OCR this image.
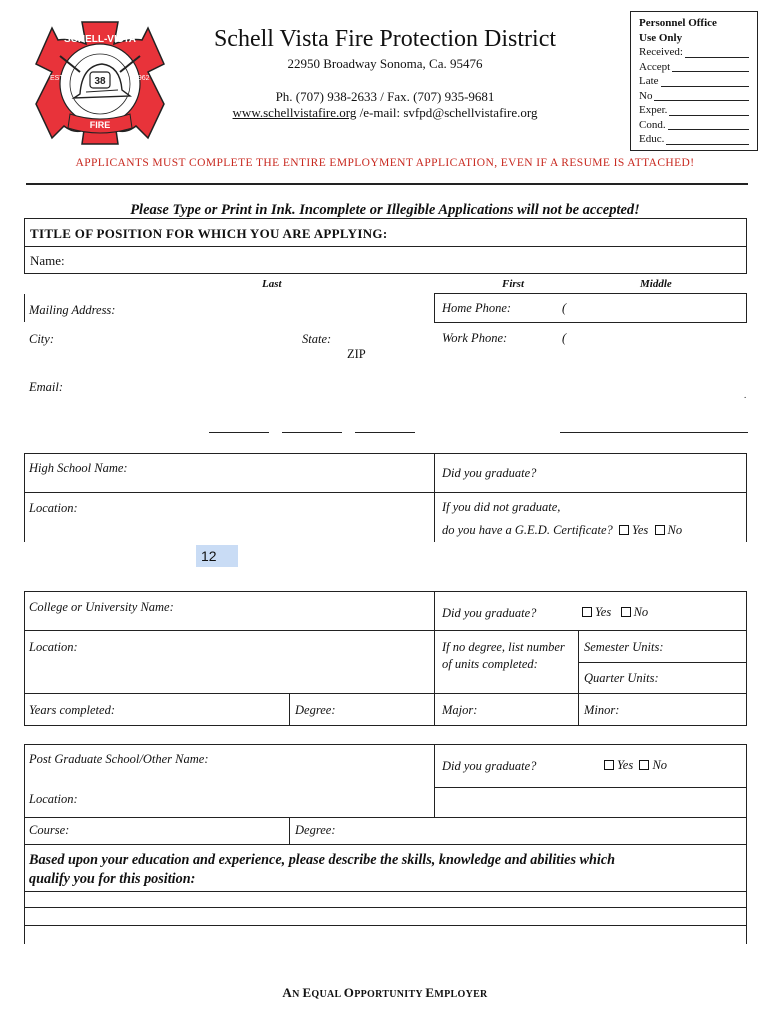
SCHELL-VISTA
EST	1962
38
FIRE
Schell Vista Fire Protection District
22950 Broadway Sonoma, Ca. 95476
Ph. (707) 938-2633 / Fax. (707) 935-9681
www.schellvistafire.org /e-mail: svfpd@schellvistafire.org
Personnel Office
Use Only
Received:
Accept
Late
No
Exper.
Cond.
Educ.
APPLICANTS MUST COMPLETE THE ENTIRE EMPLOYMENT APPLICATION, EVEN IF A RESUME IS ATTACHED!
Please Type or Print in Ink. Incomplete or Illegible Applications will not be accepted!
TITLE OF POSITION FOR WHICH YOU ARE APPLYING:
Name:
Last	First	Middle
Mailing Address:	Home Phone:	(
City:	State:
ZIP
Work Phone:	(
Email:
.
High School Name:	Did you graduate?
Location:	If you did not graduate,
do you have a G.E.D. Certificate? Yes No
12
College or University Name:	Did you graduate?	Yes No
Location:	If no degree, list number
of units completed:
Semester Units:
Quarter Units:
Years completed:	Degree:	Major:	Minor:
Post Graduate School/Other Name:	Did you graduate?	Yes No
Location:
Course:	Degree:
Based upon your education and experience, please describe the skills, knowledge and abilities which
qualify you for this position:
AN EQUAL OPPORTUNITY EMPLOYER
